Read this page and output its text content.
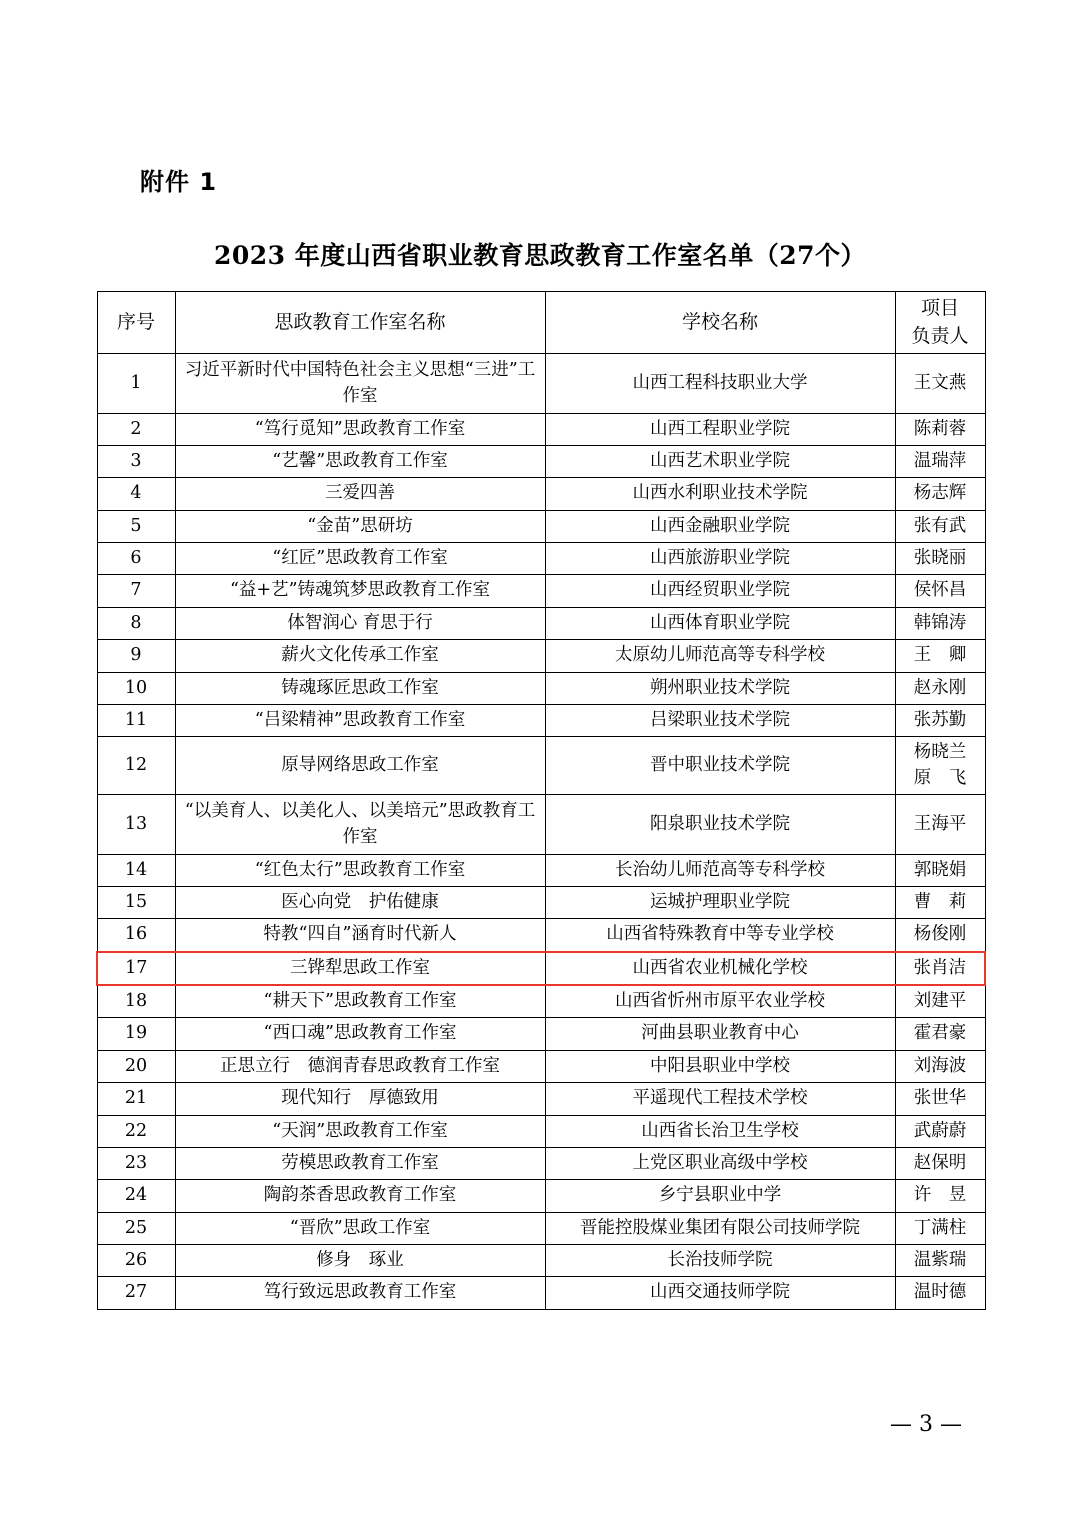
附件 1
2023 年度山西省职业教育思政教育工作室名单（27个）
序号	思政教育工作室名称	学校名称	项目
负责人

1	习近平新时代中国特色社会主义思想“三进”工作室	山西工程科技职业大学	王文燕
2	“笃行觅知”思政教育工作室	山西工程职业学院	陈莉蓉
3	“艺馨”思政教育工作室	山西艺术职业学院	温瑞萍
4	三爱四善	山西水利职业技术学院	杨志辉
5	“金苗”思研坊	山西金融职业学院	张有武
6	“红匠”思政教育工作室	山西旅游职业学院	张晓丽
7	“益+艺”铸魂筑梦思政教育工作室	山西经贸职业学院	侯怀昌
8	体智润心 育思于行	山西体育职业学院	韩锦涛
9	薪火文化传承工作室	太原幼儿师范高等专科学校	王　卿
10	铸魂琢匠思政工作室	朔州职业技术学院	赵永刚
11	“吕梁精神”思政教育工作室	吕梁职业技术学院	张苏勤
12	原导网络思政工作室	晋中职业技术学院	杨晓兰
原　飞

13	“以美育人、以美化人、以美培元”思政教育工作室	阳泉职业技术学院	王海平
14	“红色太行”思政教育工作室	长治幼儿师范高等专科学校	郭晓娟
15	医心向党　护佑健康	运城护理职业学院	曹　莉
16	特教“四自”涵育时代新人	山西省特殊教育中等专业学校	杨俊刚
17	三铧犁思政工作室	山西省农业机械化学校	张肖洁
18	“耕天下”思政教育工作室	山西省忻州市原平农业学校	刘建平
19	“西口魂”思政教育工作室	河曲县职业教育中心	霍君豪
20	正思立行　德润青春思政教育工作室	中阳县职业中学校	刘海波
21	现代知行　厚德致用	平遥现代工程技术学校	张世华
22	“天润”思政教育工作室	山西省长治卫生学校	武蔚蔚
23	劳模思政教育工作室	上党区职业高级中学校	赵保明
24	陶韵茶香思政教育工作室	乡宁县职业中学	许　昱
25	“晋欣”思政工作室	晋能控股煤业集团有限公司技师学院	丁满柱
26	修身　琢业	长治技师学院	温紫瑞
27	笃行致远思政教育工作室	山西交通技师学院	温时德
— 3 —
